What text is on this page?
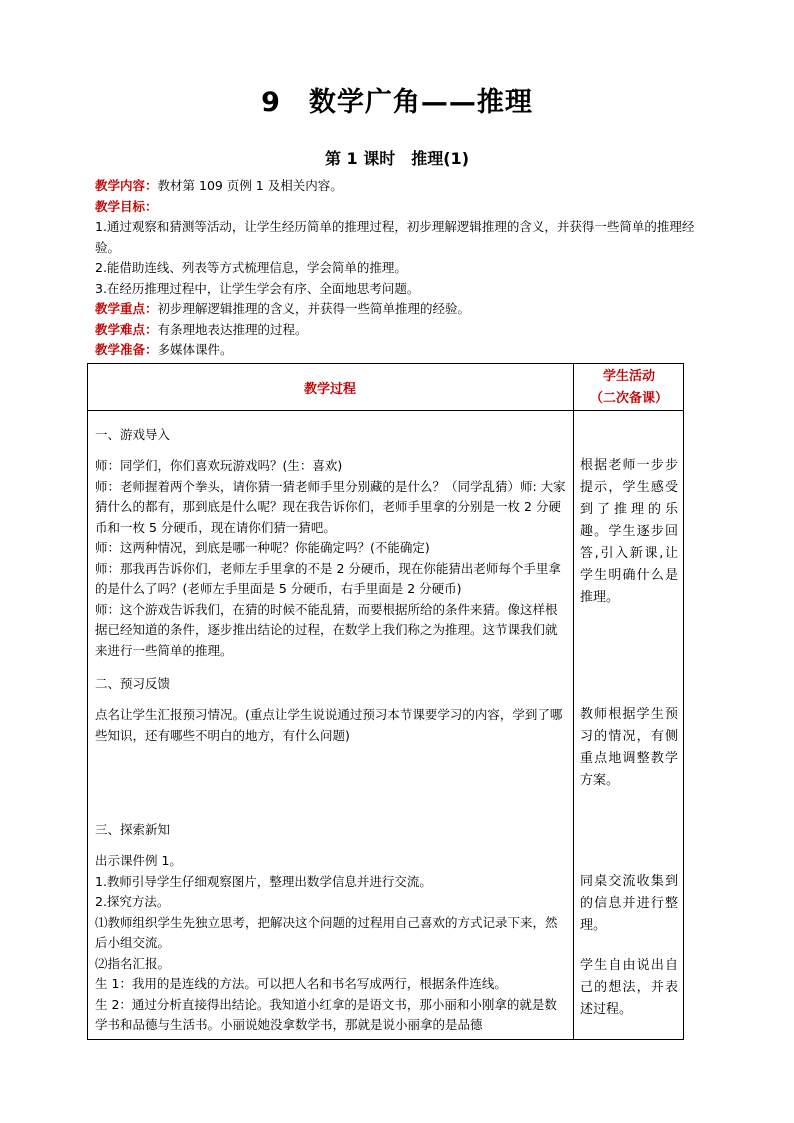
9　数学广角——推理
第 1 课时　推理(1)

教学内容：教材第 109 页例 1 及相关内容。

教学目标：

1.通过观察和猜测等活动，让学生经历简单的推理过程，初步理解逻辑推理的含义，并获得一些简单的推理经验。

2.能借助连线、列表等方式梳理信息，学会简单的推理。

3.在经历推理过程中，让学生学会有序、全面地思考问题。

教学重点：初步理解逻辑推理的含义，并获得一些简单推理的经验。

教学难点：有条理地表达推理的过程。

教学准备：多媒体课件。

教学过程
学生活动
（二次备课）

一、游戏导入

师：同学们，你们喜欢玩游戏吗？(生：喜欢)

师：老师握着两个拳头，请你猜一猜老师手里分别藏的是什么？（同学乱猜）师: 大家猜什么的都有，那到底是什么呢？现在我告诉你们，老师手里拿的分别是一枚 2 分硬币和一枚 5 分硬币，现在请你们猜一猜吧。

师：这两种情况，到底是哪一种呢？你能确定吗？(不能确定)

师：那我再告诉你们，老师左手里拿的不是 2 分硬币，现在你能猜出老师每个手里拿的是什么了吗？(老师左手里面是 5 分硬币，右手里面是 2 分硬币)

师：这个游戏告诉我们，在猜的时候不能乱猜，而要根据所给的条件来猜。像这样根据已经知道的条件，逐步推出结论的过程，在数学上我们称之为推理。这节课我们就来进行一些简单的推理。

根据老师一步步提示，学生感受到了推理的乐趣。学生逐步回答,引入新课,让学生明确什么是推理。

二、预习反馈

点名让学生汇报预习情况。(重点让学生说说通过预习本节课要学习的内容，学到了哪些知识，还有哪些不明白的地方，有什么问题)

教师根据学生预习的情况，有侧重点地调整教学方案。

三、探索新知

出示课件例 1。

1.教师引导学生仔细观察图片，整理出数学信息并进行交流。

2.探究方法。

⑴教师组织学生先独立思考，把解决这个问题的过程用自己喜欢的方式记录下来，然后小组交流。

⑵指名汇报。

生 1：我用的是连线的方法。可以把人名和书名写成两行，根据条件连线。

生 2：通过分析直接得出结论。我知道小红拿的是语文书，那小丽和小刚拿的就是数学书和品德与生活书。小丽说她没拿数学书，那就是说小丽拿的是品德

同桌交流收集到的信息并进行整理。

学生自由说出自己的想法，并表述过程。
